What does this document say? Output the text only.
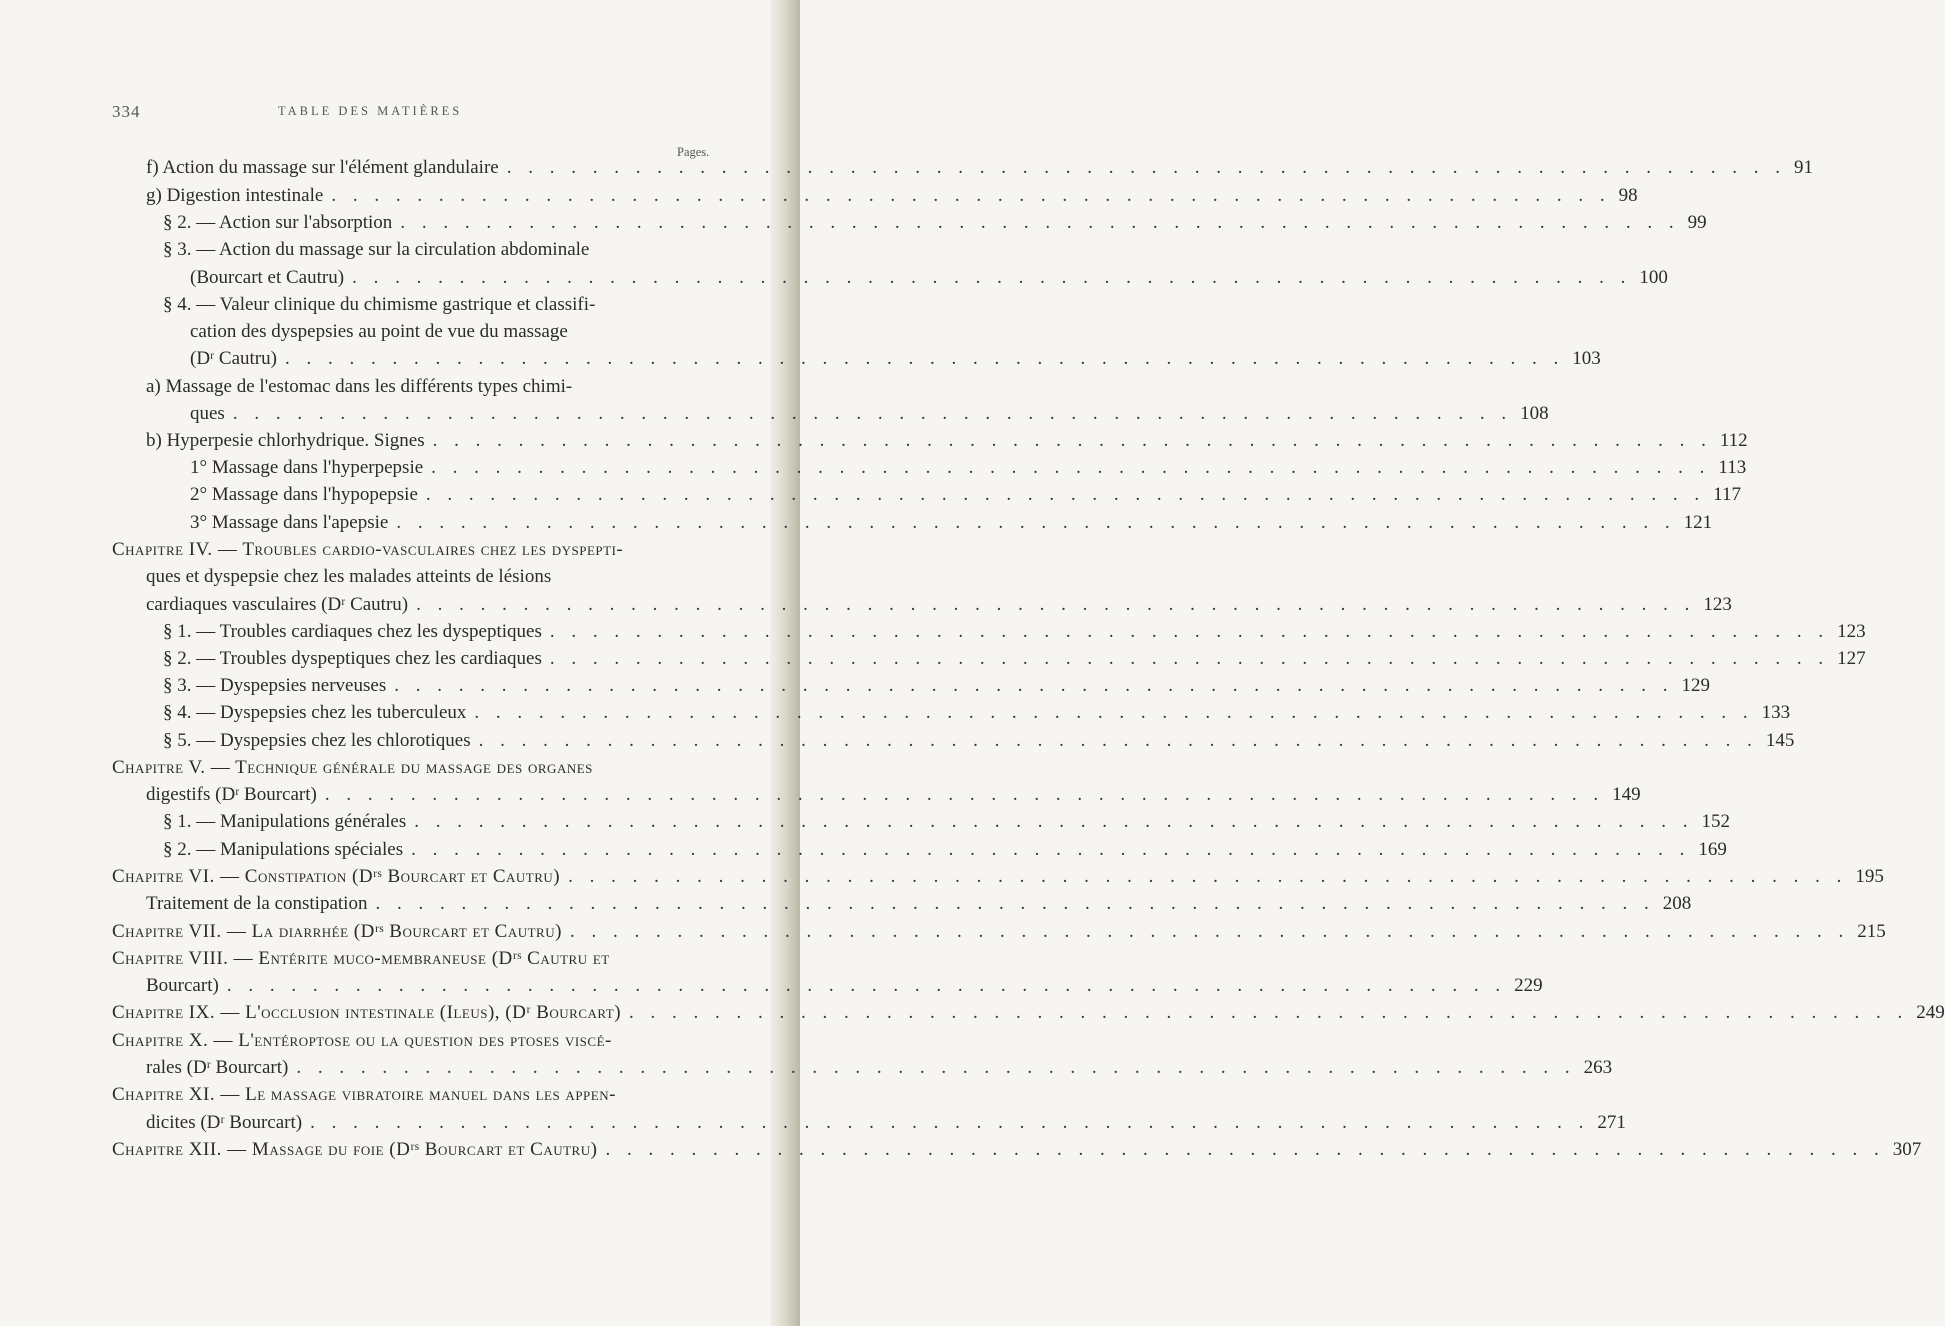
334	TABLE DES MATIÈRES
Pages.
f) Action du massage sur l'élément glandulaire . . . . . . . . . . . . . . . . . . . . . . . . . . . . . . . . . . . . . . . . . . . . . . . . . . . . . . . . . . . . 91
g) Digestion intestinale . . . . . . . . . . . . . . . . . . . . . . . . . . . . . . . . . . . . . . . . . . . . . . . . . . . . . . . . . . . . 98
§ 2. — Action sur l'absorption . . . . . . . . . . . . . . . . . . . . . . . . . . . . . . . . . . . . . . . . . . . . . . . . . . . . . . . . . . . . 99
§ 3. — Action du massage sur la circulation abdominale
(Bourcart et Cautru) . . . . . . . . . . . . . . . . . . . . . . . . . . . . . . . . . . . . . . . . . . . . . . . . . . . . . . . . . . . . 100
§ 4. — Valeur clinique du chimisme gastrique et classifi-
cation des dyspepsies au point de vue du massage
(Dʳ Cautru) . . . . . . . . . . . . . . . . . . . . . . . . . . . . . . . . . . . . . . . . . . . . . . . . . . . . . . . . . . . . 103
a) Massage de l'estomac dans les différents types chimi-
ques . . . . . . . . . . . . . . . . . . . . . . . . . . . . . . . . . . . . . . . . . . . . . . . . . . . . . . . . . . . . 108
b) Hyperpesie chlorhydrique. Signes . . . . . . . . . . . . . . . . . . . . . . . . . . . . . . . . . . . . . . . . . . . . . . . . . . . . . . . . . . . . 112
1° Massage dans l'hyperpepsie . . . . . . . . . . . . . . . . . . . . . . . . . . . . . . . . . . . . . . . . . . . . . . . . . . . . . . . . . . . . 113
2° Massage dans l'hypopepsie . . . . . . . . . . . . . . . . . . . . . . . . . . . . . . . . . . . . . . . . . . . . . . . . . . . . . . . . . . . . 117
3° Massage dans l'apepsie . . . . . . . . . . . . . . . . . . . . . . . . . . . . . . . . . . . . . . . . . . . . . . . . . . . . . . . . . . . . 121
Chapitre IV. — Troubles cardio-vasculaires chez les dyspepti-
ques et dyspepsie chez les malades atteints de lésions
cardiaques vasculaires (Dʳ Cautru) . . . . . . . . . . . . . . . . . . . . . . . . . . . . . . . . . . . . . . . . . . . . . . . . . . . . . . . . . . . . 123
§ 1. — Troubles cardiaques chez les dyspeptiques . . . . . . . . . . . . . . . . . . . . . . . . . . . . . . . . . . . . . . . . . . . . . . . . . . . . . . . . . . . . 123
§ 2. — Troubles dyspeptiques chez les cardiaques . . . . . . . . . . . . . . . . . . . . . . . . . . . . . . . . . . . . . . . . . . . . . . . . . . . . . . . . . . . . 127
§ 3. — Dyspepsies nerveuses . . . . . . . . . . . . . . . . . . . . . . . . . . . . . . . . . . . . . . . . . . . . . . . . . . . . . . . . . . . . 129
§ 4. — Dyspepsies chez les tuberculeux . . . . . . . . . . . . . . . . . . . . . . . . . . . . . . . . . . . . . . . . . . . . . . . . . . . . . . . . . . . . 133
§ 5. — Dyspepsies chez les chlorotiques . . . . . . . . . . . . . . . . . . . . . . . . . . . . . . . . . . . . . . . . . . . . . . . . . . . . . . . . . . . . 145
Chapitre V. — Technique générale du massage des organes
digestifs (Dʳ Bourcart) . . . . . . . . . . . . . . . . . . . . . . . . . . . . . . . . . . . . . . . . . . . . . . . . . . . . . . . . . . . . 149
§ 1. — Manipulations générales . . . . . . . . . . . . . . . . . . . . . . . . . . . . . . . . . . . . . . . . . . . . . . . . . . . . . . . . . . . . 152
§ 2. — Manipulations spéciales . . . . . . . . . . . . . . . . . . . . . . . . . . . . . . . . . . . . . . . . . . . . . . . . . . . . . . . . . . . . 169
Chapitre VI. — Constipation (Dʳˢ Bourcart et Cautru) . . . . . . . . . . . . . . . . . . . . . . . . . . . . . . . . . . . . . . . . . . . . . . . . . . . . . . . . . . . . 195
Traitement de la constipation . . . . . . . . . . . . . . . . . . . . . . . . . . . . . . . . . . . . . . . . . . . . . . . . . . . . . . . . . . . . 208
Chapitre VII. — La diarrhée (Dʳˢ Bourcart et Cautru) . . . . . . . . . . . . . . . . . . . . . . . . . . . . . . . . . . . . . . . . . . . . . . . . . . . . . . . . . . . . 215
Chapitre VIII. — Entérite muco-membraneuse (Dʳˢ Cautru et
Bourcart) . . . . . . . . . . . . . . . . . . . . . . . . . . . . . . . . . . . . . . . . . . . . . . . . . . . . . . . . . . . . 229
Chapitre IX. — L'occlusion intestinale (Ileus), (Dʳ Bourcart) . . . . . . . . . . . . . . . . . . . . . . . . . . . . . . . . . . . . . . . . . . . . . . . . . . . . . . . . . . . . 249
Chapitre X. — L'entéroptose ou la question des ptoses viscé-
rales (Dʳ Bourcart) . . . . . . . . . . . . . . . . . . . . . . . . . . . . . . . . . . . . . . . . . . . . . . . . . . . . . . . . . . . . 263
Chapitre XI. — Le massage vibratoire manuel dans les appen-
dicites (Dʳ Bourcart) . . . . . . . . . . . . . . . . . . . . . . . . . . . . . . . . . . . . . . . . . . . . . . . . . . . . . . . . . . . . 271
Chapitre XII. — Massage du foie (Dʳˢ Bourcart et Cautru) . . . . . . . . . . . . . . . . . . . . . . . . . . . . . . . . . . . . . . . . . . . . . . . . . . . . . . . . . . . . 307
